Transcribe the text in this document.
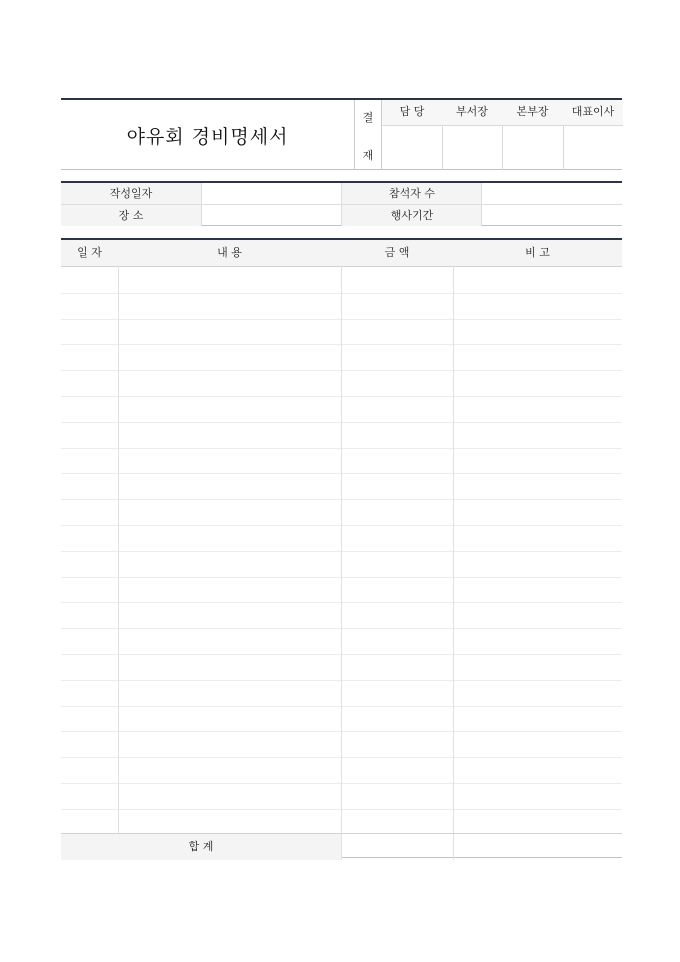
야유회 경비명세서
결
재
담 당	부서장	본부장	대표이사
작성일자	참석자 수
장 소	행사기간
일 자	내 용	금 액	비 고
합 계
